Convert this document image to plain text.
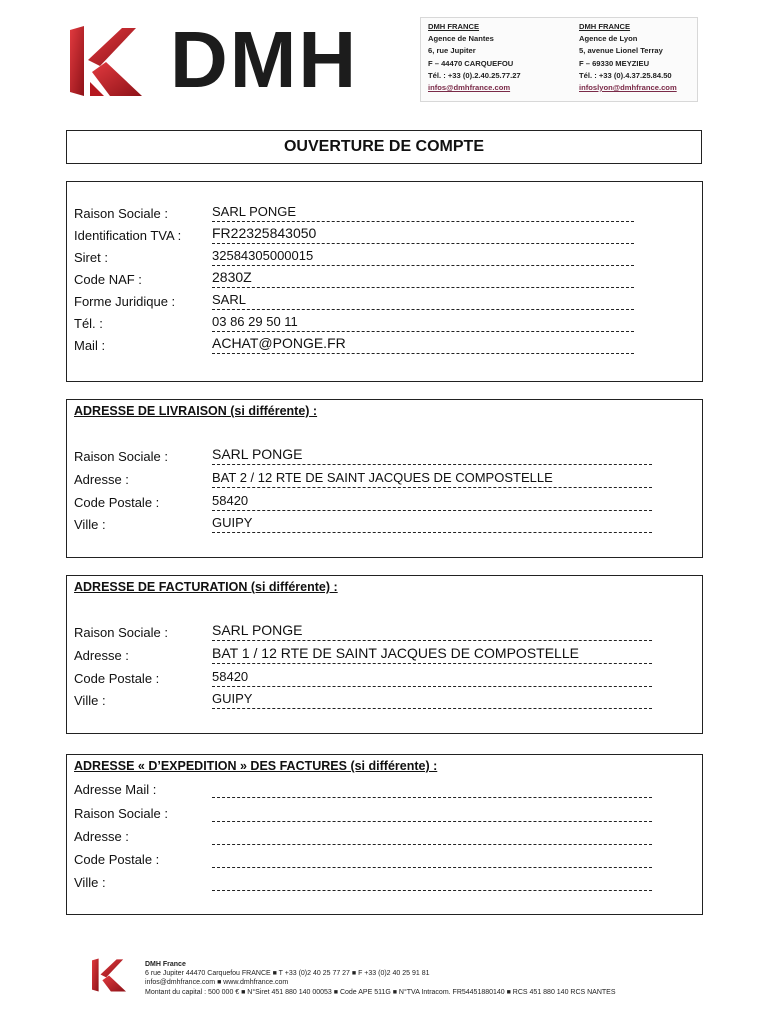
DMH	DMH FRANCE
Agence de Nantes
6, rue Jupiter
F – 44470 CARQUEFOU
Tél. : +33 (0).2.40.25.77.27
infos@dmhfrance.com
DMH FRANCE
Agence de Lyon
5, avenue Lionel Terray
F – 69330 MEYZIEU
Tél. : +33 (0).4.37.25.84.50
infoslyon@dmhfrance.com
OUVERTURE DE COMPTE
Raison Sociale :	SARL PONGE
Identification TVA : FR22325843050
Siret :	32584305000015
Code NAF :	2830Z
Forme Juridique :	SARL
Tél. :	03 86 29 50 11
Mail :	ACHAT@PONGE.FR
ADRESSE DE LIVRAISON (si différente) :
Raison Sociale :	SARL PONGE
Adresse :	BAT 2 / 12 RTE DE SAINT JACQUES DE COMPOSTELLE
Code Postale :	58420
Ville :	GUIPY
ADRESSE DE FACTURATION (si différente) :
Raison Sociale :	SARL PONGE
Adresse :	BAT 1 / 12 RTE DE SAINT JACQUES DE COMPOSTELLE
Code Postale :	58420
Ville :	GUIPY
ADRESSE « D’EXPEDITION » DES FACTURES (si différente) :
Adresse Mail :
Raison Sociale :
Adresse :
Code Postale :
Ville :
DMH France
6 rue Jupiter 44470 Carquefou FRANCE ■ T +33 (0)2 40 25 77 27 ■ F +33 (0)2 40 25 91 81
infos@dmhfrance.com ■ www.dmhfrance.com
Montant du capital : 500 000 € ■ N°Siret 451 880 140 00053 ■ Code APE 511G ■ N°TVA Intracom. FR54451880140 ■ RCS 451 880 140 RCS NANTES
